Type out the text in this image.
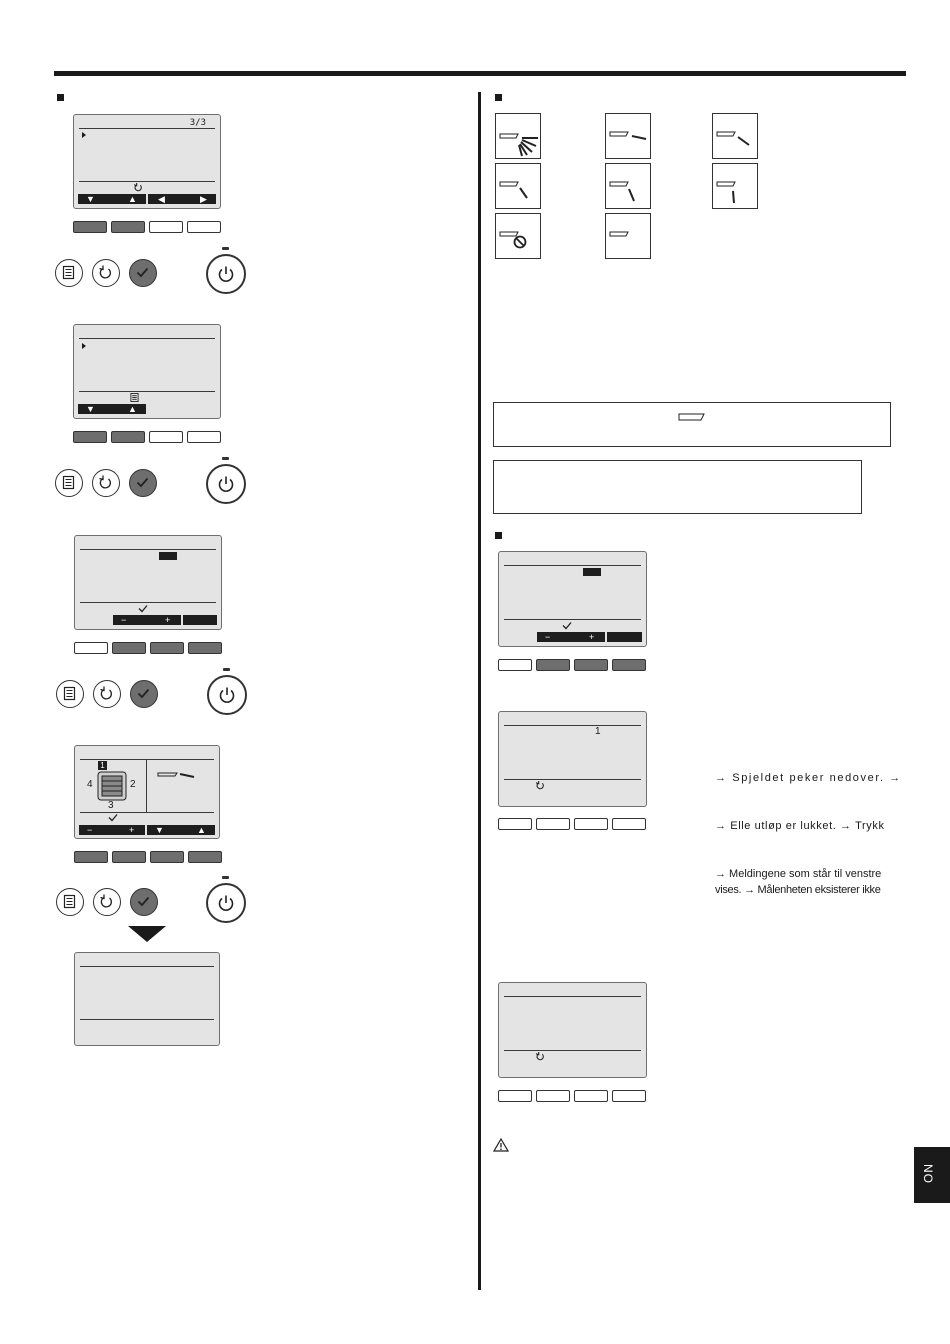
3/3
▼	▲ ◀	▶
▼	▲
−	+
1
4	2
3
−	+ ▼	▲
−	+
1
→ Spjeldet peker nedover. →
→ Elle utløp er lukket. → Trykk
→ Meldingene som står til venstre
vises. → Målenheten eksisterer ikke
NO
